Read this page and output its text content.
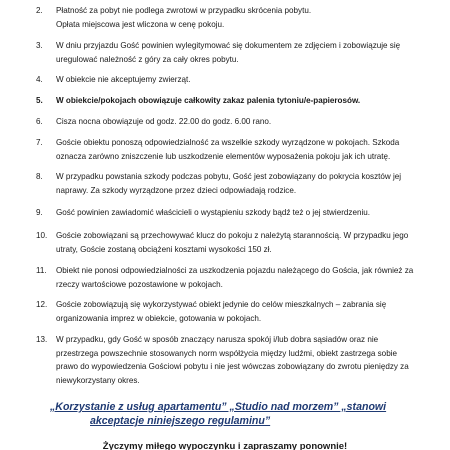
2.	Płatność za pobyt nie podlega zwrotowi w przypadku skrócenia pobytu.
Opłata miejscowa jest wliczona w cenę pokoju.
3.	W dniu przyjazdu Gość powinien wylegitymować się dokumentem ze zdjęciem i zobowiązuje się
uregulować należność z góry za cały okres pobytu.
4.	W obiekcie nie akceptujemy zwierząt.
5.	W obiekcie/pokojach obowiązuje całkowity zakaz palenia tytoniu/e-papierosów.
6.	Cisza nocna obowiązuje od godz. 22.00 do godz. 6.00 rano.
7.	Goście obiektu ponoszą odpowiedzialność za wszelkie szkody wyrządzone w pokojach. Szkoda
oznacza zarówno zniszczenie lub uszkodzenie elementów wyposażenia pokoju jak ich utratę.
8.	W przypadku powstania szkody podczas pobytu, Gość jest zobowiązany do pokrycia kosztów jej
naprawy. Za szkody wyrządzone przez dzieci odpowiadają rodzice.
9.	Gość powinien zawiadomić właścicieli o wystąpieniu szkody bądź też o jej stwierdzeniu.
10.	Goście zobowiązani są przechowywać klucz do pokoju z należytą starannością. W przypadku jego
utraty, Goście zostaną obciążeni kosztami wysokości 150 zł.
11.	Obiekt nie ponosi odpowiedzialności za uszkodzenia pojazdu należącego do Gościa, jak również za
rzeczy wartościowe pozostawione w pokojach.
12.	Goście zobowiązują się wykorzystywać obiekt jedynie do celów mieszkalnych – zabrania się
organizowania imprez w obiekcie, gotowania w pokojach.
13.	W przypadku, gdy Gość w sposób znaczący narusza spokój i/lub dobra sąsiadów oraz nie
przestrzega powszechnie stosowanych norm współżycia między ludźmi, obiekt zastrzega sobie
prawo do wypowiedzenia Gościowi pobytu i nie jest wówczas zobowiązany do zwrotu pieniędzy za
niewykorzystany okres.
„Korzystanie z usług apartamentu” „Studio nad morzem” „stanowi
akceptacje niniejszego regulaminu”
Życzymy miłego wypoczynku i zapraszamy ponownie!
